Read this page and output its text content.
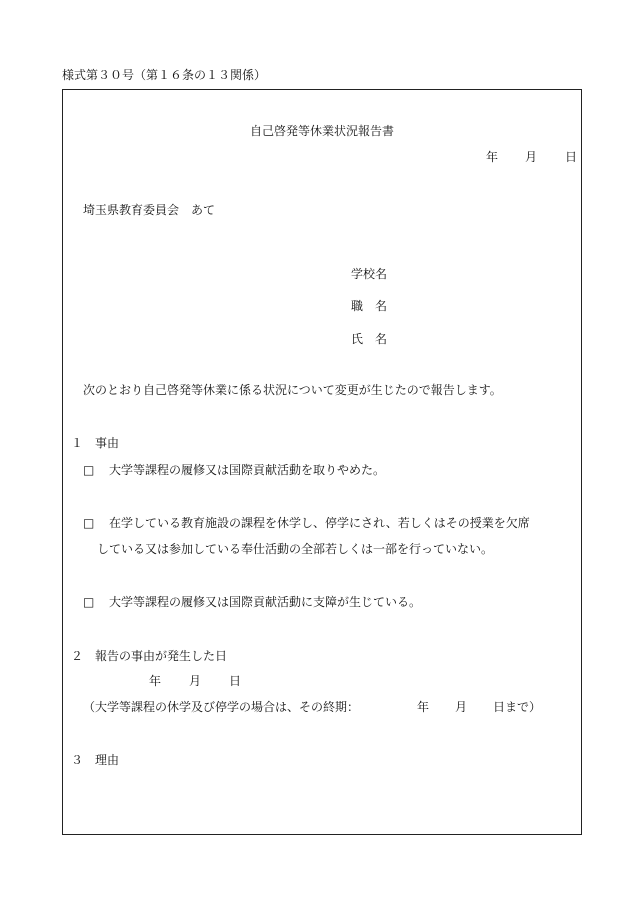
様式第３０号（第１６条の１３関係）
自己啓発等休業状況報告書
年 月 日
埼玉県教育委員会　あて
学校名
職　名
氏　名
次のとおり自己啓発等休業に係る状況について変更が生じたので報告します。
１　事由
□ 大学等課程の履修又は国際貢献活動を取りやめた。
□ 在学している教育施設の課程を休学し、停学にされ、若しくはその授業を欠席
している又は参加している奉仕活動の全部若しくは一部を行っていない。
□ 大学等課程の履修又は国際貢献活動に支障が生じている。
２　報告の事由が発生した日
年 月 日
（大学等課程の休学及び停学の場合は、その終期：	年 月 日まで）
３　理由
